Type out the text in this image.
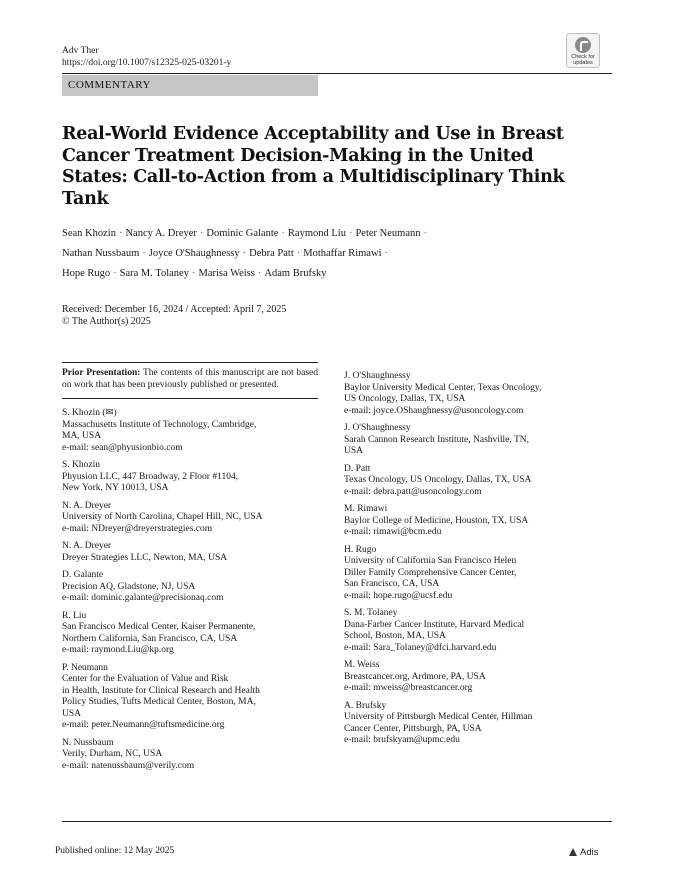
Adv Ther
https://doi.org/10.1007/s12325-025-03201-y
Check for
updates
COMMENTARY
Real-World Evidence Acceptability and Use in Breast Cancer Treatment Decision-Making in the United States: Call-to-Action from a Multidisciplinary Think Tank
Sean Khozin · Nancy A. Dreyer · Dominic Galante · Raymond Liu · Peter Neumann ·
Nathan Nussbaum · Joyce O'Shaughnessy · Debra Patt · Mothaffar Rimawi ·
Hope Rugo · Sara M. Tolaney · Marisa Weiss · Adam Brufsky
Received: December 16, 2024 / Accepted: April 7, 2025
© The Author(s) 2025

Prior Presentation: The contents of this manuscript are not based on work that has been previously published or presented.

S. Khozin (✉)
Massachusetts Institute of Technology, Cambridge,
MA, USA
e-mail: sean@phyusionbio.com
S. Khozin
Phyusion LLC, 447 Broadway, 2 Floor #1104,
New York, NY 10013, USA
N. A. Dreyer
University of North Carolina, Chapel Hill, NC, USA
e-mail: NDreyer@dreyerstrategies.com
N. A. Dreyer
Dreyer Strategies LLC, Newton, MA, USA
D. Galante
Precision AQ, Gladstone, NJ, USA
e-mail: dominic.galante@precisionaq.com
R. Liu
San Francisco Medical Center, Kaiser Permanente,
Northern California, San Francisco, CA, USA
e-mail: raymond.Liu@kp.org
P. Neumann
Center for the Evaluation of Value and Risk
in Health, Institute for Clinical Research and Health
Policy Studies, Tufts Medical Center, Boston, MA,
USA
e-mail: peter.Neumann@tuftsmedicine.org
N. Nussbaum
Verily, Durham, NC, USA
e-mail: natenussbaum@verily.com
J. O'Shaughnessy
Baylor University Medical Center, Texas Oncology,
US Oncology, Dallas, TX, USA
e-mail: joyce.OShaughnessy@usoncology.com
J. O'Shaughnessy
Sarah Cannon Research Institute, Nashville, TN,
USA
D. Patt
Texas Oncology, US Oncology, Dallas, TX, USA
e-mail: debra.patt@usoncology.com
M. Rimawi
Baylor College of Medicine, Houston, TX, USA
e-mail: rimawi@bcm.edu
H. Rugo
University of California San Francisco Helen
Diller Family Comprehensive Cancer Center,
San Francisco, CA, USA
e-mail: hope.rugo@ucsf.edu
S. M. Tolaney
Dana-Farber Cancer Institute, Harvard Medical
School, Boston, MA, USA
e-mail: Sara_Tolaney@dfci.harvard.edu
M. Weiss
Breastcancer.org, Ardmore, PA, USA
e-mail: mweiss@breastcancer.org
A. Brufsky
University of Pittsburgh Medical Center, Hillman
Cancer Center, Pittsburgh, PA, USA
e-mail: brufskyam@upmc.edu
Published online: 12 May 2025	Adis
